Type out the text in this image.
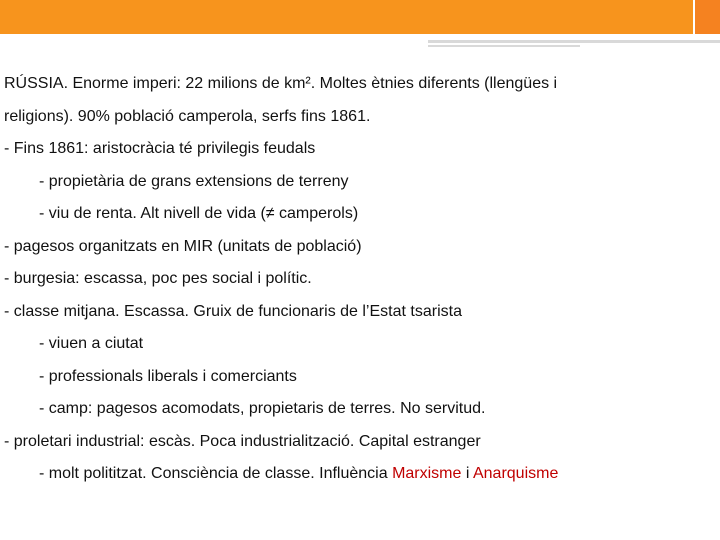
RÚSSIA. Enorme imperi: 22 milions de km². Moltes ètnies diferents (llengües i
religions). 90% població camperola, serfs fins 1861.
- Fins 1861: aristocràcia té privilegis feudals
- propietària de grans extensions de terreny
- viu de renta. Alt nivell de vida (≠ camperols)
- pagesos organitzats en MIR (unitats de població)
- burgesia: escassa, poc pes social i polític.
- classe mitjana. Escassa. Gruix de funcionaris de l’Estat tsarista
- viuen a ciutat
- professionals liberals i comerciants
- camp: pagesos acomodats, propietaris de terres. No servitud.
- proletari industrial: escàs. Poca industrialització. Capital estranger
- molt polititzat. Consciència de classe. Influència Marxisme i Anarquisme
